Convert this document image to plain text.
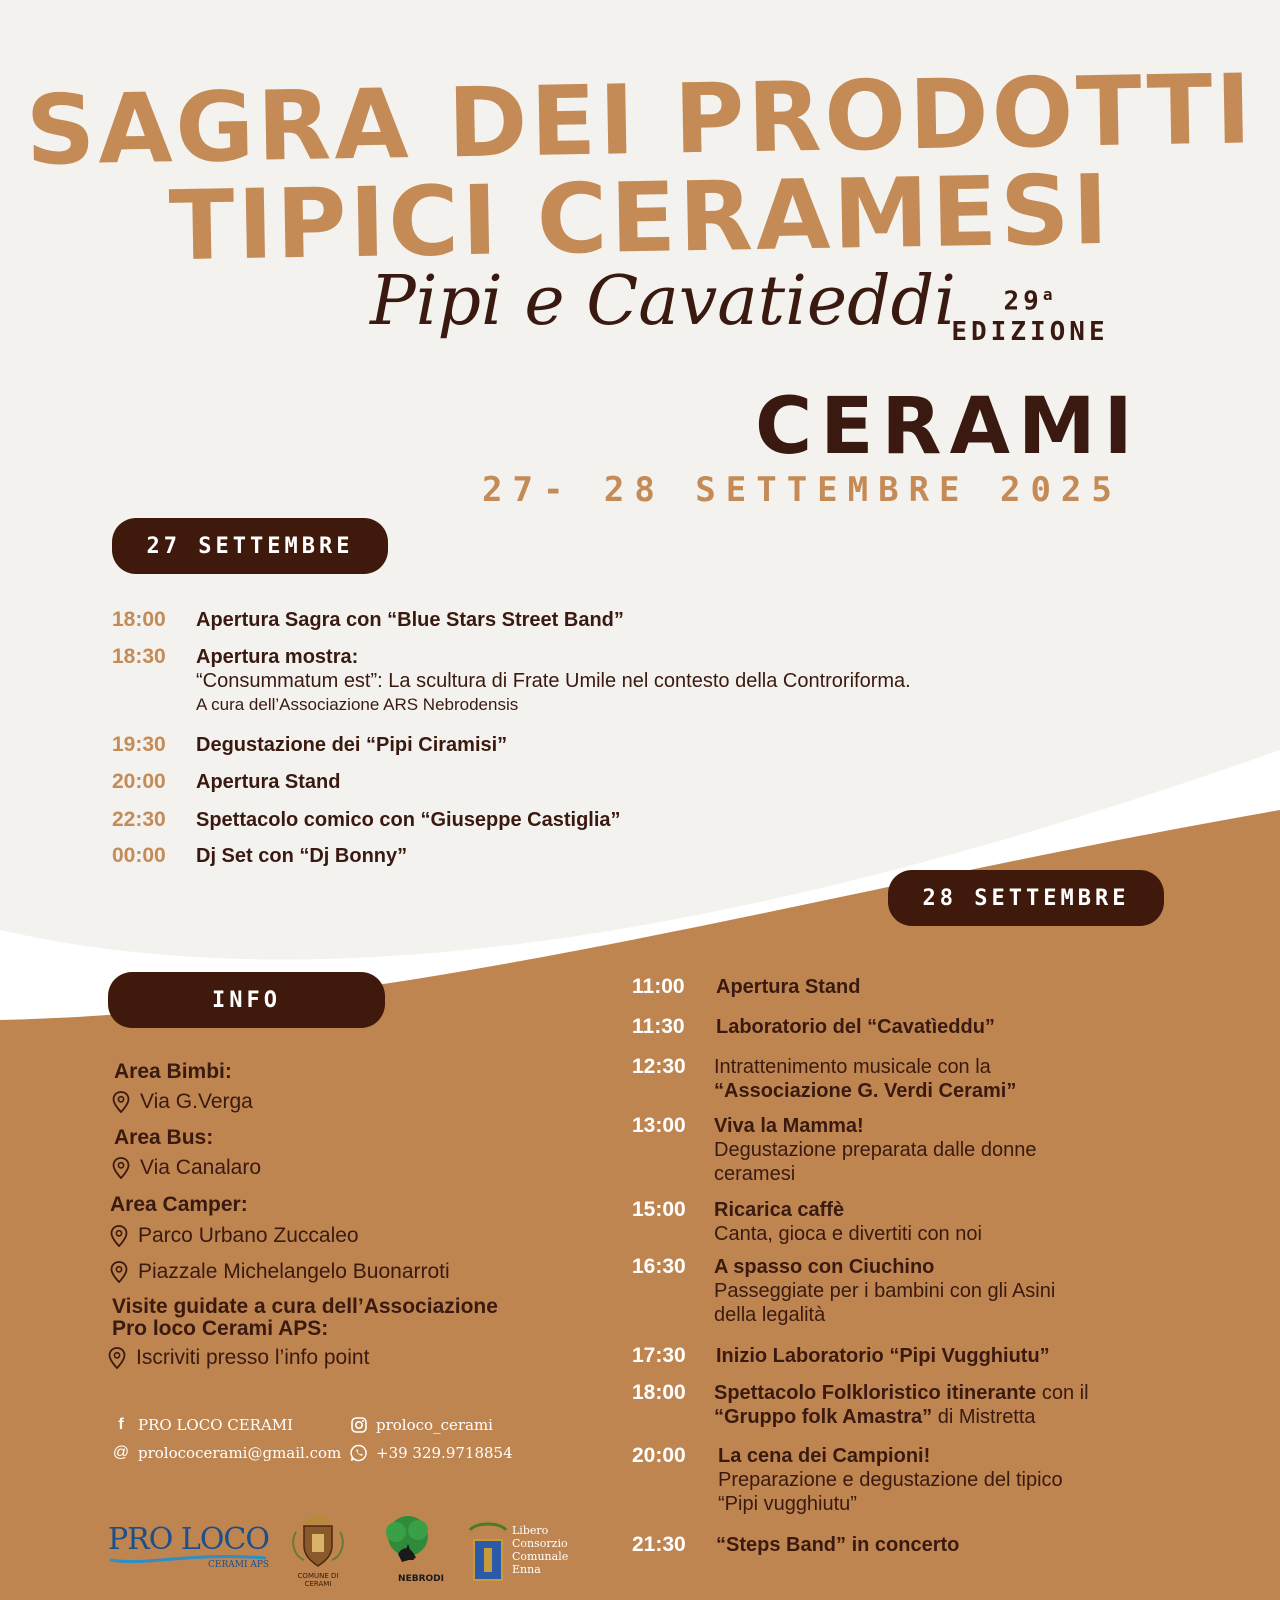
SAGRA DEI PRODOTTI
TIPICI CERAMESI
Pipi e Cavatieddi	29$^a$
EDIZIONE
CERAMI
27- 28 SETTEMBRE 2025
27 SETTEMBRE
18:00 Apertura Sagra con “Blue Stars Street Band”
18:30 Apertura mostra:
“Consummatum est”: La scultura di Frate Umile nel contesto della Controriforma.
A cura dell’Associazione ARS Nebrodensis
19:30 Degustazione dei “Pipi Ciramisi”
20:00 Apertura Stand
22:30 Spettacolo comico con “Giuseppe Castiglia”
00:00 Dj Set con “Dj Bonny”
28 SETTEMBRE
11:00 Apertura Stand
11:30 Laboratorio del “Cavatìeddu”
12:30 Intrattenimento musicale con la
“Associazione G. Verdi Cerami”
13:00 Viva la Mamma!
Degustazione preparata dalle donne
ceramesi
15:00 Ricarica caffè
Canta, gioca e divertiti con noi
16:30 A spasso con Ciuchino
Passeggiate per i bambini con gli Asini
della legalità
17:30 Inizio Laboratorio “Pipi Vugghiutu”
18:00 Spettacolo Folkloristico itinerante con il
“Gruppo folk Amastra” di Mistretta
20:00 La cena dei Campioni!
Preparazione e degustazione del tipico
“Pipi vugghiutu”
21:30 “Steps Band” in concerto
INFO
Area Bimbi:
Via G.Verga
Area Bus:
Via Canalaro
Area Camper:
Parco Urbano Zuccaleo
Piazzale Michelangelo Buonarroti
Visite guidate a cura dell’Associazione
Pro loco Cerami APS:
Iscriviti presso l’info point
f PRO LOCO CERAMI	proloco_cerami
@ prolococerami@gmail.com +39 329.9718854
PRO LOCO
CERAMI APS
COMUNE DI CERAMI	NEBRODI
Libero
Consorzio
Comunale
Enna
